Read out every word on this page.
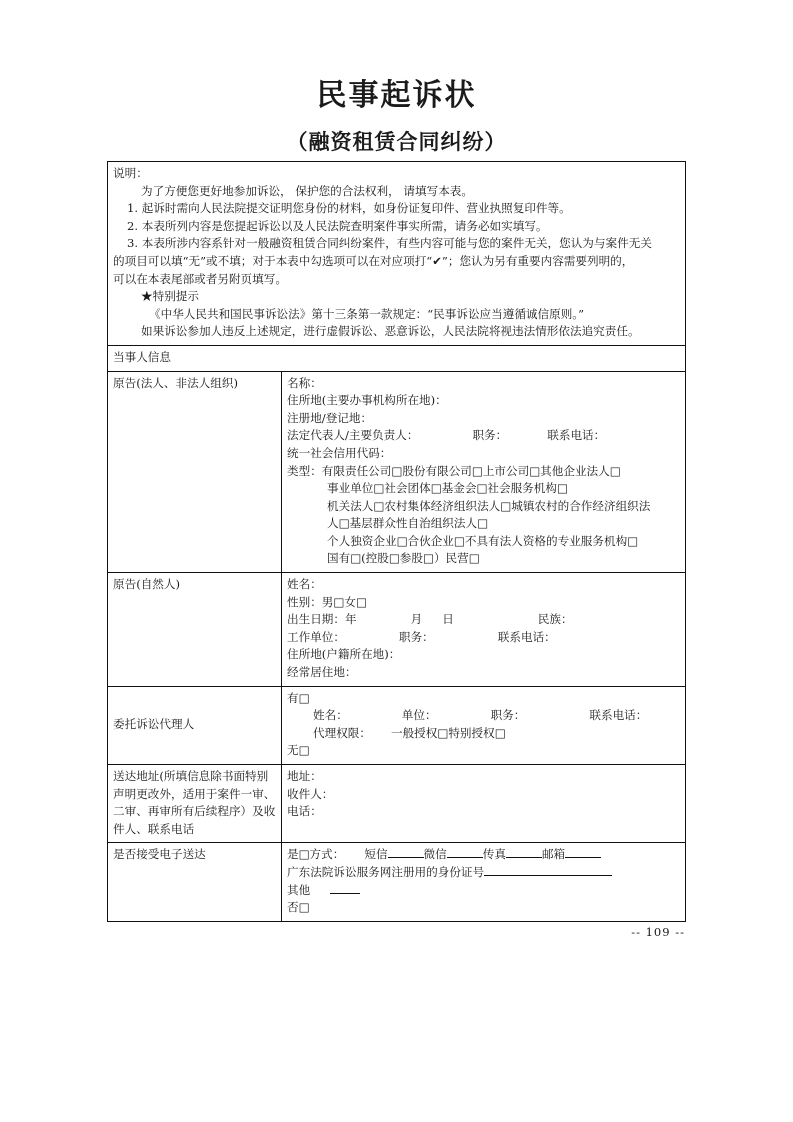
民事起诉状
（融资租赁合同纠纷）
说明：
为了方便您更好地参加诉讼， 保护您的合法权利， 请填写本表。
1. 起诉时需向人民法院提交证明您身份的材料，如身份证复印件、营业执照复印件等。
2. 本表所列内容是您提起诉讼以及人民法院查明案件事实所需，请务必如实填写。
3. 本表所涉内容系针对一般融资租赁合同纠纷案件，有些内容可能与您的案件无关，您认为与案件无关
的项目可以填“无”或不填；对于本表中勾选项可以在对应项打“✔”；您认为另有重要内容需要列明的，
可以在本表尾部或者另附页填写。
★特别提示
《中华人民共和国民事诉讼法》第十三条第一款规定：“民事诉讼应当遵循诚信原则。”
如果诉讼参加人违反上述规定，进行虚假诉讼、恶意诉讼，人民法院将视违法情形依法追究责任。

当事人信息	

原告(法人、非法人组织)	名称：
住所地(主要办事机构所在地)：
注册地/登记地：
法定代表人/主要负责人：	职务：	联系电话：
统一社会信用代码：
类型：有限责任公司□股份有限公司□上市公司□其他企业法人□
事业单位□社会团体□基金会□社会服务机构□
机关法人□农村集体经济组织法人□城镇农村的合作经济组织法
人□基层群众性自治组织法人□
个人独资企业□合伙企业□不具有法人资格的专业服务机构□
国有□(控股□参股□）民营□

原告(自然人)	姓名：
性别：男□女□
出生日期：年	月 日	民族：
工作单位：	职务：	联系电话：
住所地(户籍所在地)：
经常居住地：

委托诉讼代理人	有□
姓名： 单位： 职务： 联系电话：
代理权限： 一般授权□特别授权□
无□

送达地址(所填信息除书面特别
声明更改外，适用于案件一审、
二审、再审所有后续程序）及收
件人、联系电话	地址：
收件人：
电话：

是否接受电子送达	是□方式： 短信 微信 传真 邮箱
广东法院诉讼服务网注册用的身份证号
其他
否□
-- 109 --
